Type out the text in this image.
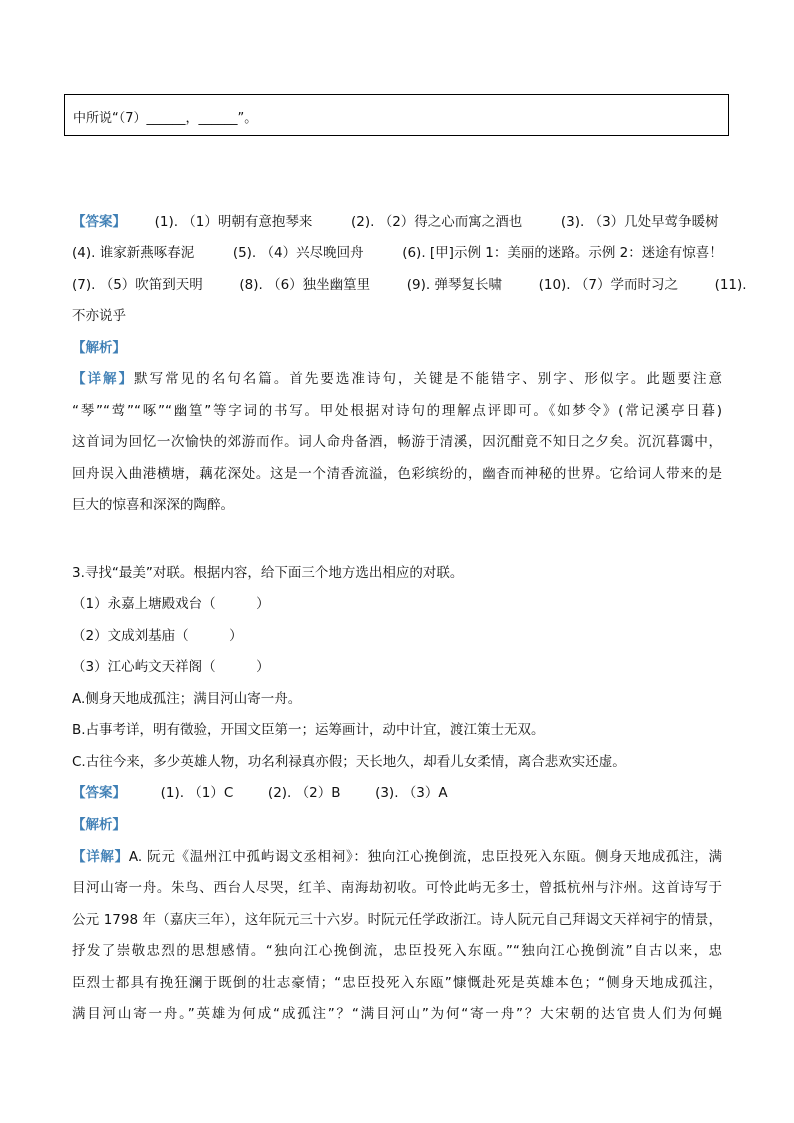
中所说“（7）______，______”。
【答案】 (1). （1）明朝有意抱琴来	(2). （2）得之心而寓之酒也	(3). （3）几处早莺争暖树
(4). 谁家新燕啄春泥	(5). （4）兴尽晚回舟	(6). [甲]示例 1：美丽的迷路。示例 2：迷途有惊喜！
(7). （5）吹笛到天明	(8). （6）独坐幽篁里	(9). 弹琴复长啸	(10). （7）学而时习之	(11).
不亦说乎
【解析】
【详解】默写常见的名句名篇。首先要选准诗句，关键是不能错字、别字、形似字。此题要注意
“琴”“莺”“啄”“幽篁”等字词的书写。甲处根据对诗句的理解点评即可。《如梦令》(常记溪亭日暮)
这首词为回忆一次愉快的郊游而作。词人命舟备酒，畅游于清溪，因沉酣竟不知日之夕矣。沉沉暮霭中，
回舟误入曲港横塘，藕花深处。这是一个清香流溢，色彩缤纷的，幽杳而神秘的世界。它给词人带来的是
巨大的惊喜和深深的陶醉。
3.寻找“最美”对联。根据内容，给下面三个地方选出相应的对联。
（1）永嘉上塘殿戏台（　　　）
（2）文成刘基庙（　　　）
（3）江心屿文天祥阁（　　　）
A.侧身天地成孤注；满目河山寄一舟。
B.占事考详，明有徵验，开国文臣第一；运筹画计，动中计宜，渡江策士无双。
C.古往今来，多少英雄人物，功名利禄真亦假；天长地久，却看儿女柔情，离合悲欢实还虚。
【答案】	(1). （1）C	(2). （2）B	(3). （3）A
【解析】
【详解】A. 阮元《温州江中孤屿谒文丞相祠》：独向江心挽倒流，忠臣投死入东瓯。侧身天地成孤注，满
目河山寄一舟。朱鸟、西台人尽哭，红羊、南海劫初收。可怜此屿无多士，曾抵杭州与汴州。这首诗写于
公元 1798 年（嘉庆三年），这年阮元三十六岁。时阮元任学政浙江。诗人阮元自己拜谒文天祥祠宇的情景，
抒发了崇敬忠烈的思想感情。“独向江心挽倒流，忠臣投死入东瓯。”“独向江心挽倒流”自古以来，忠
臣烈士都具有挽狂澜于既倒的壮志豪情；“忠臣投死入东瓯”慷慨赴死是英雄本色；“侧身天地成孤注，
满目河山寄一舟。”英雄为何成“成孤注”？“满目河山”为何“寄一舟”？大宋朝的达官贵人们为何蝇
